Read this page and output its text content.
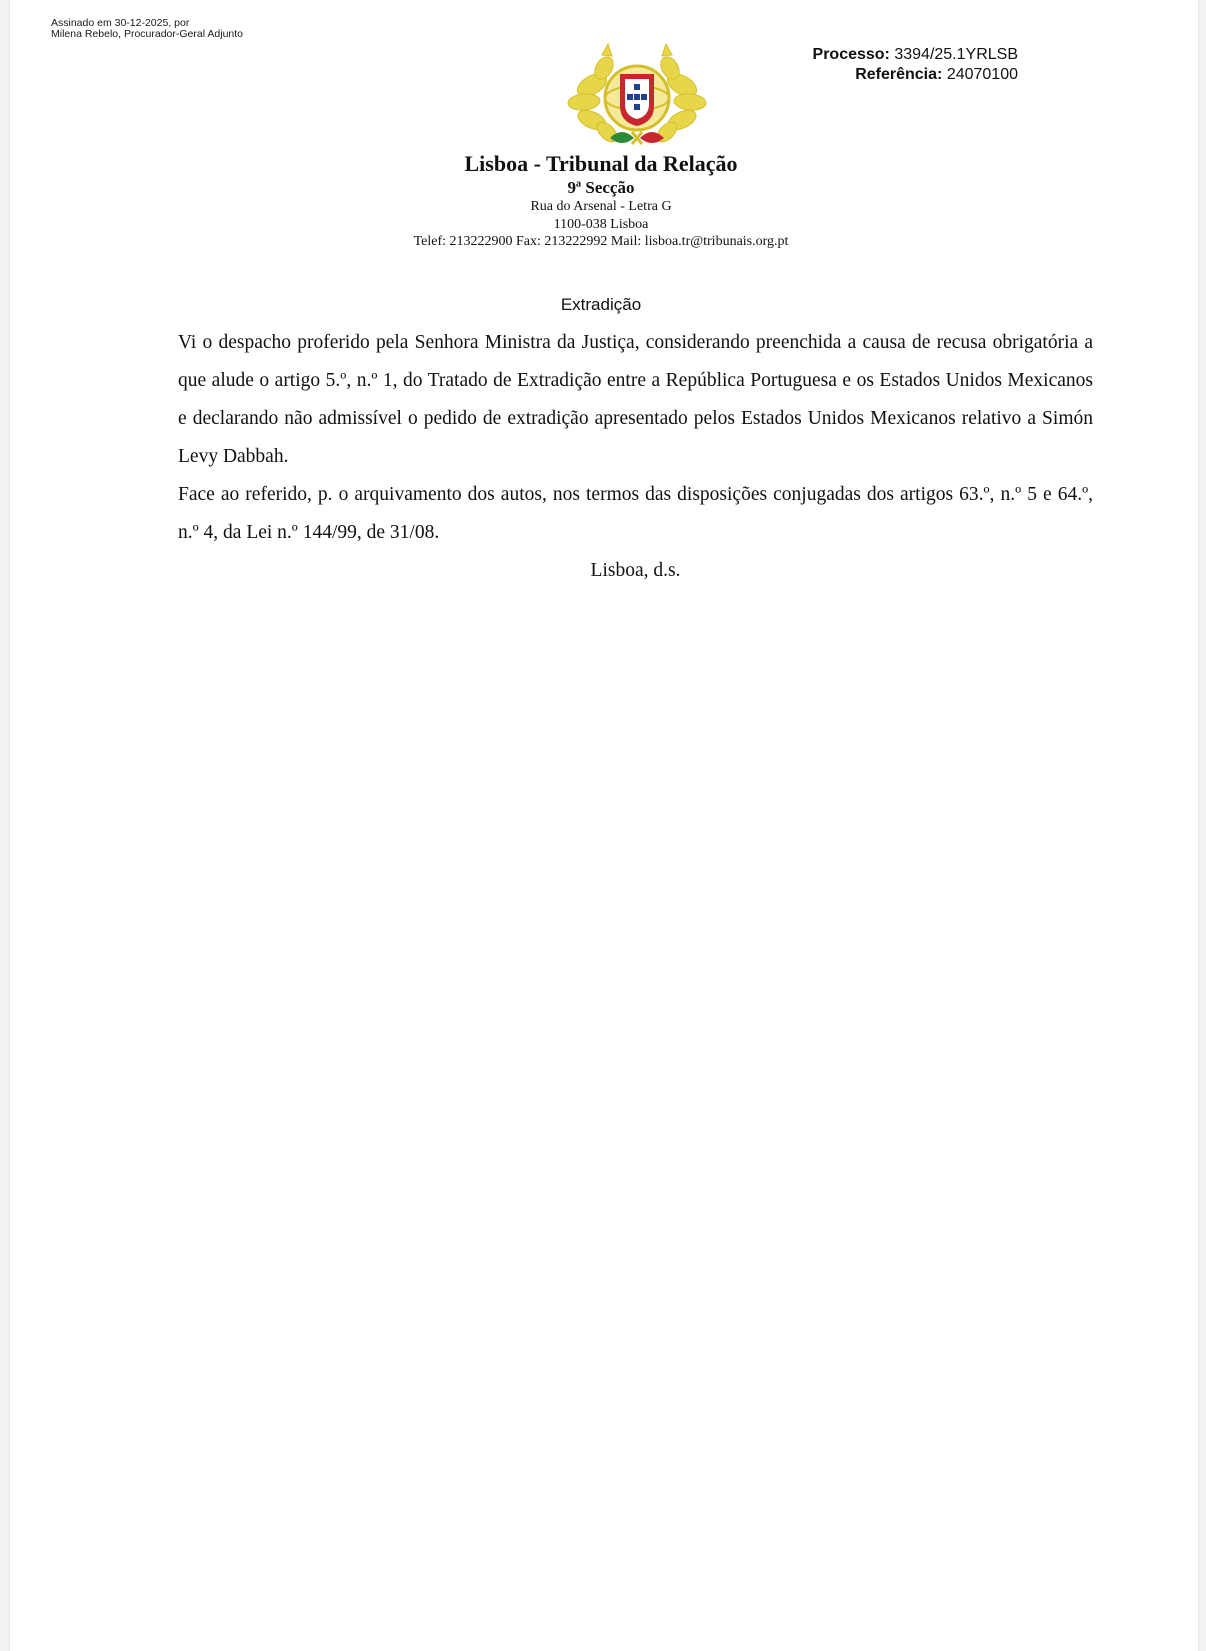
Assinado em 30-12-2025, por
Milena Rebelo, Procurador-Geral Adjunto
Processo: 3394/25.1YRLSB
Referência: 24070100
Lisboa - Tribunal da Relação
9ª Secção
Rua do Arsenal - Letra G
1100-038 Lisboa
Telef: 213222900 Fax: 213222992 Mail: lisboa.tr@tribunais.org.pt
Extradição

Vi o despacho proferido pela Senhora Ministra da Justiça, considerando preenchida a causa de recusa obrigatória a que alude o artigo 5.º, n.º 1, do Tratado de Extradição entre a República Portuguesa e os Estados Unidos Mexicanos e declarando não admissível o pedido de extradição apresentado pelos Estados Unidos Mexicanos relativo a Simón Levy Dabbah.

Face ao referido, p. o arquivamento dos autos, nos termos das disposições conjugadas dos artigos 63.º, n.º 5 e 64.º, n.º 4, da Lei n.º 144/99, de 31/08.

Lisboa, d.s.
